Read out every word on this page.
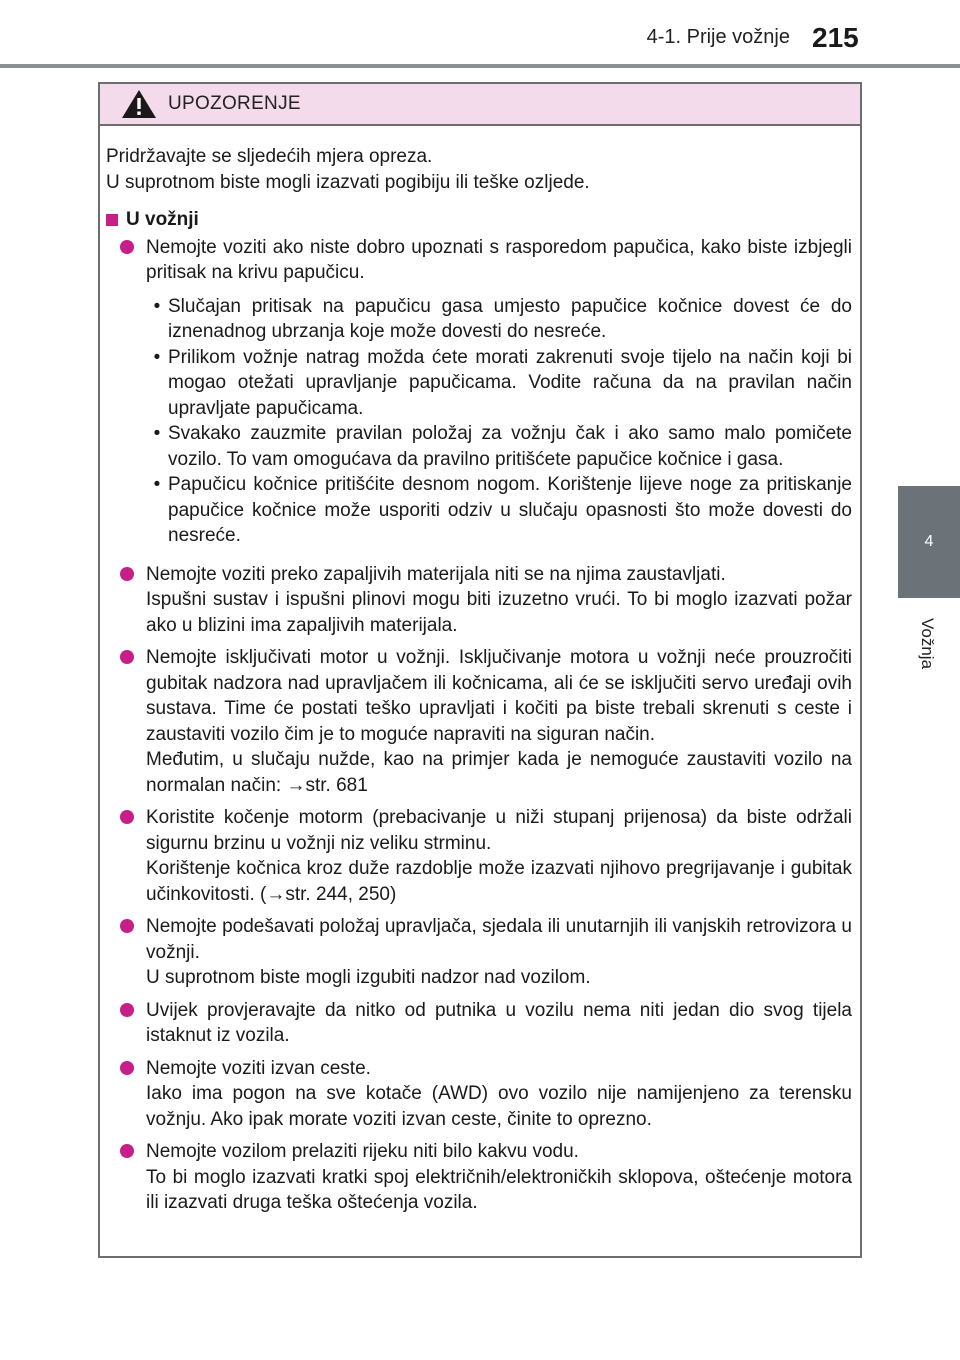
4-1. Prije vožnje 215
4
Vožnja
UPOZORENJE

Pridržavajte se sljedećih mjera opreza.

U suprotnom biste mogli izazvati pogibiju ili teške ozljede.

U vožnji

Nemojte voziti ako niste dobro upoznati s rasporedom papučica, kako biste izbjegli pritisak na krivu papučicu.

• Slučajan pritisak na papučicu gasa umjesto papučice kočnice dovest će do iznenadnog ubrzanja koje može dovesti do nesreće.
• Prilikom vožnje natrag možda ćete morati zakrenuti svoje tijelo na način koji bi mogao otežati upravljanje papučicama. Vodite računa da na pravilan način upravljate papučicama.
• Svakako zauzmite pravilan položaj za vožnju čak i ako samo malo pomičete vozilo. To vam omogućava da pravilno pritišćete papučice kočnice i gasa.
• Papučicu kočnice pritišćite desnom nogom. Korištenje lijeve noge za pritiskanje papučice kočnice može usporiti odziv u slučaju opasnosti što može dovesti do nesreće.

Nemojte voziti preko zapaljivih materijala niti se na njima zaustavljati.

Ispušni sustav i ispušni plinovi mogu biti izuzetno vrući. To bi moglo izazvati požar ako u blizini ima zapaljivih materijala.

Nemojte isključivati motor u vožnji. Isključivanje motora u vožnji neće prouzročiti gubitak nadzora nad upravljačem ili kočnicama, ali će se isključiti servo uređaji ovih sustava. Time će postati teško upravljati i kočiti pa biste trebali skrenuti s ceste i zaustaviti vozilo čim je to moguće napraviti na siguran način.

Međutim, u slučaju nužde, kao na primjer kada je nemoguće zaustaviti vozilo na normalan način: →str. 681

Koristite kočenje motorm (prebacivanje u niži stupanj prijenosa) da biste održali sigurnu brzinu u vožnji niz veliku strminu.

Korištenje kočnica kroz duže razdoblje može izazvati njihovo pregrijavanje i gubitak učinkovitosti. (→str. 244, 250)

Nemojte podešavati položaj upravljača, sjedala ili unutarnjih ili vanjskih retrovizora u vožnji.

U suprotnom biste mogli izgubiti nadzor nad vozilom.

Uvijek provjeravajte da nitko od putnika u vozilu nema niti jedan dio svog tijela istaknut iz vozila.

Nemojte voziti izvan ceste.

Iako ima pogon na sve kotače (AWD) ovo vozilo nije namijenjeno za terensku vožnju. Ako ipak morate voziti izvan ceste, činite to oprezno.

Nemojte vozilom prelaziti rijeku niti bilo kakvu vodu.

To bi moglo izazvati kratki spoj električnih/elektroničkih sklopova, oštećenje motora ili izazvati druga teška oštećenja vozila.
